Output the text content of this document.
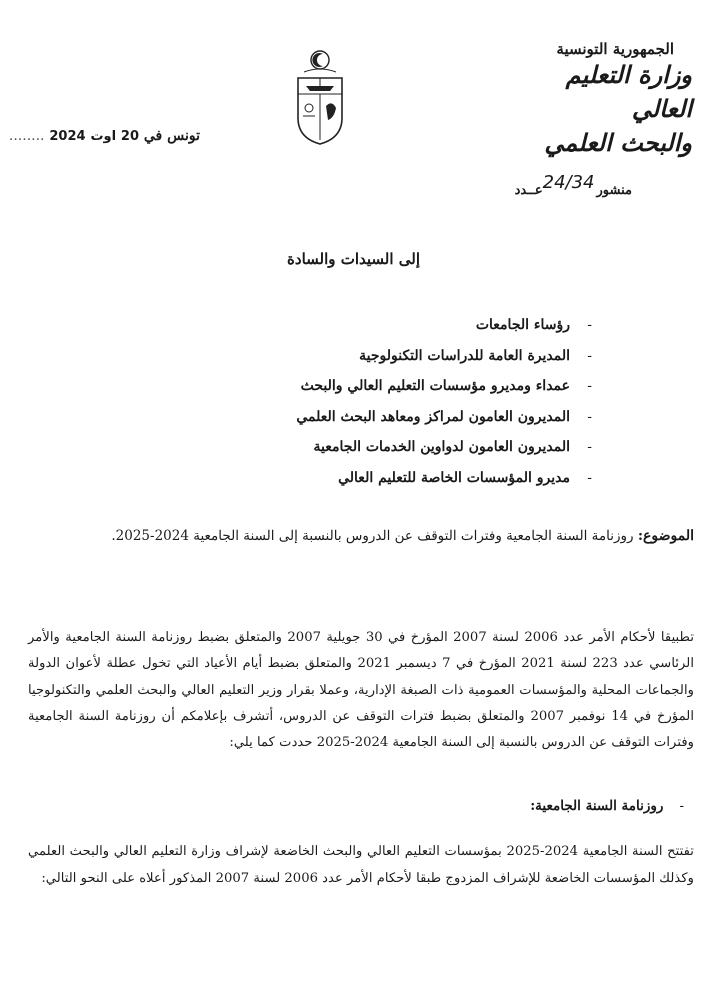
الجمهورية التونسية
وزارة التعليم العالي
والبحث العلمي
تونس في 20 اوت 2024 ........
منشور24/34عــدد
إلى السيدات والسادة
-
رؤساء الجامعات
-
المديرة العامة للدراسات التكنولوجية
-
عمداء ومديرو مؤسسات التعليم العالي والبحث
-
المديرون العامون لمراكز ومعاهد البحث العلمي
-
المديرون العامون لدواوين الخدمات الجامعية
-
مديرو المؤسسات الخاصة للتعليم العالي
الموضوع: روزنامة السنة الجامعية وفترات التوقف عن الدروس بالنسبة إلى السنة الجامعية 2024-2025.

تطبيقا لأحكام الأمر عدد 2006 لسنة 2007 المؤرخ في 30 جويلية 2007 والمتعلق بضبط روزنامة السنة الجامعية والأمر الرئاسي عدد 223 لسنة 2021 المؤرخ في 7 ديسمبر 2021 والمتعلق بضبط أيام الأعياد التي تخول عطلة لأعوان الدولة والجماعات المحلية والمؤسسات العمومية ذات الصبغة الإدارية، وعملا بقرار وزير التعليم العالي والبحث العلمي والتكنولوجيا المؤرخ في 14 نوفمبر 2007 والمتعلق بضبط فترات التوقف عن الدروس، أتشرف بإعلامكم أن روزنامة السنة الجامعية وفترات التوقف عن الدروس بالنسبة إلى السنة الجامعية 2024-2025 حددت كما يلي:

-روزنامة السنة الجامعية:

تفتتح السنة الجامعية 2024-2025 بمؤسسات التعليم العالي والبحث الخاضعة لإشراف وزارة التعليم العالي والبحث العلمي وكذلك المؤسسات الخاضعة للإشراف المزدوج طبقا لأحكام الأمر عدد 2006 لسنة 2007 المذكور أعلاه على النحو التالي:
